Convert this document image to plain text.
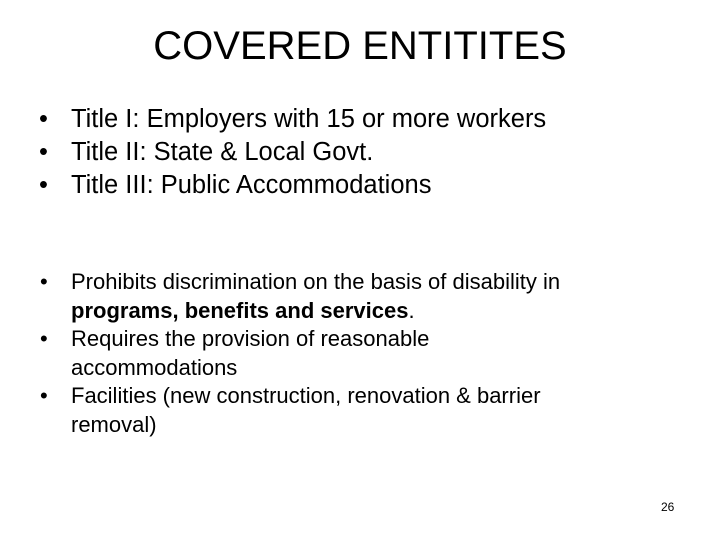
COVERED ENTITITES
• Title I: Employers with 15 or more workers
• Title II: State & Local Govt.
• Title III: Public Accommodations
• Prohibits discrimination on the basis of disability in
programs, benefits and services.
• Requires the provision of reasonable
accommodations
• Facilities (new construction, renovation & barrier
removal)
26
